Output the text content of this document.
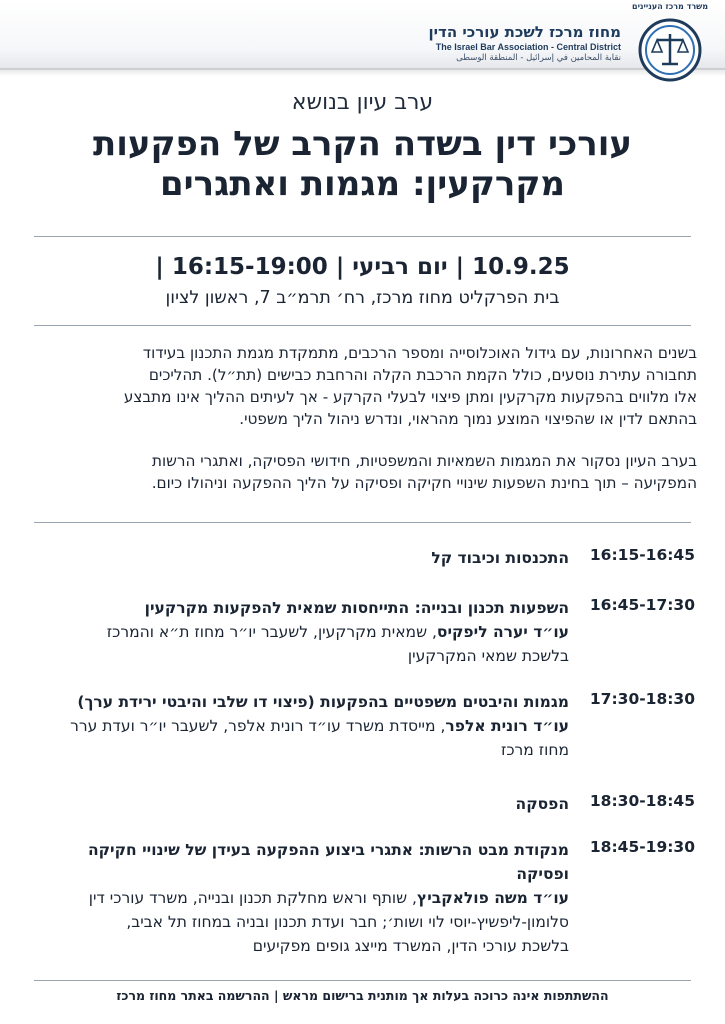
משרד מרכז העניינים
מחוז מרכז לשכת עורכי הדין
The Israel Bar Association - Central District
نقابة المحامين في إسرائيل - المنطقة الوسطى
ערב עיון בנושא
עורכי דין בשדה הקרב של הפקעות
מקרקעין: מגמות ואתגרים
10.9.25 | יום רביעי | 16:15-19:00 |
בית הפרקליט מחוז מרכז, רח׳ תרמ״ב 7, ראשון לציון

בשנים האחרונות, עם גידול האוכלוסייה ומספר הרכבים, מתמקדת מגמת התכנון בעידוד
תחבורה עתירת נוסעים, כולל הקמת הרכבת הקלה והרחבת כבישים (תת״ל). תהליכים
אלו מלווים בהפקעות מקרקעין ומתן פיצוי לבעלי הקרקע - אך לעיתים ההליך אינו מתבצע
בהתאם לדין או שהפיצוי המוצע נמוך מהראוי, ונדרש ניהול הליך משפטי.

בערב העיון נסקור את המגמות השמאיות והמשפטיות, חידושי הפסיקה, ואתגרי הרשות
המפקיעה – תוך בחינת השפעות שינויי חקיקה ופסיקה על הליך ההפקעה וניהולו כיום.

16:15-16:45
התכנסות וכיבוד קל
16:45-17:30
השפעות תכנון ובנייה: התייחסות שמאית להפקעות מקרקעין
עו״ד יערה ליפקיס, שמאית מקרקעין, לשעבר יו״ר מחוז ת״א והמרכז
בלשכת שמאי המקרקעין
17:30-18:30
מגמות והיבטים משפטיים בהפקעות (פיצוי דו שלבי והיבטי ירידת ערך)
עו״ד רונית אלפר, מייסדת משרד עו״ד רונית אלפר, לשעבר יו״ר ועדת ערר
מחוז מרכז
18:30-18:45
הפסקה
18:45-19:30
מנקודת מבט הרשות: אתגרי ביצוע ההפקעה בעידן של שינויי חקיקה
ופסיקה
עו״ד משה פולאקביץ, שותף וראש מחלקת תכנון ובנייה, משרד עורכי דין
סלומון-ליפשיץ-יוסי לוי ושות׳; חבר ועדת תכנון ובניה במחוז תל אביב,
בלשכת עורכי הדין, המשרד מייצג גופים מפקיעים
ההשתתפות אינה כרוכה בעלות אך מותנית ברישום מראש | ההרשמה באתר מחוז מרכז
